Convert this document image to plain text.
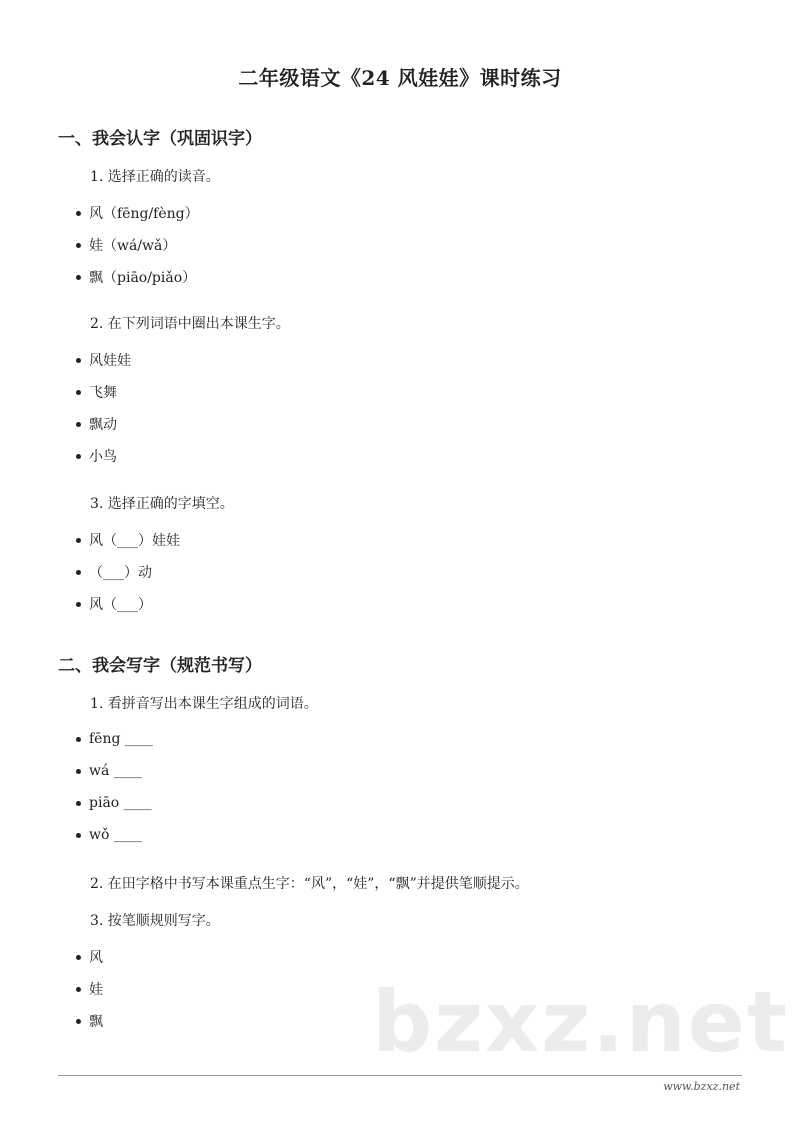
二年级语文《24 风娃娃》课时练习
一、我会认字（巩固识字）
1. 选择正确的读音。
风（fēng/fèng）
娃（wá/wǎ）
飘（piāo/piǎo）
2. 在下列词语中圈出本课生字。
风娃娃
飞舞
飘动
小鸟
3. 选择正确的字填空。
风（___）娃娃
（___）动
风（___）
二、我会写字（规范书写）
1. 看拼音写出本课生字组成的词语。
fēng ____
wá ____
piāo ____
wǒ ____
2. 在田字格中书写本课重点生字：“风”，“娃”，“飘”并提供笔顺提示。
3. 按笔顺规则写字。
风
娃
飘	bzxz.net
www.bzxz.net
